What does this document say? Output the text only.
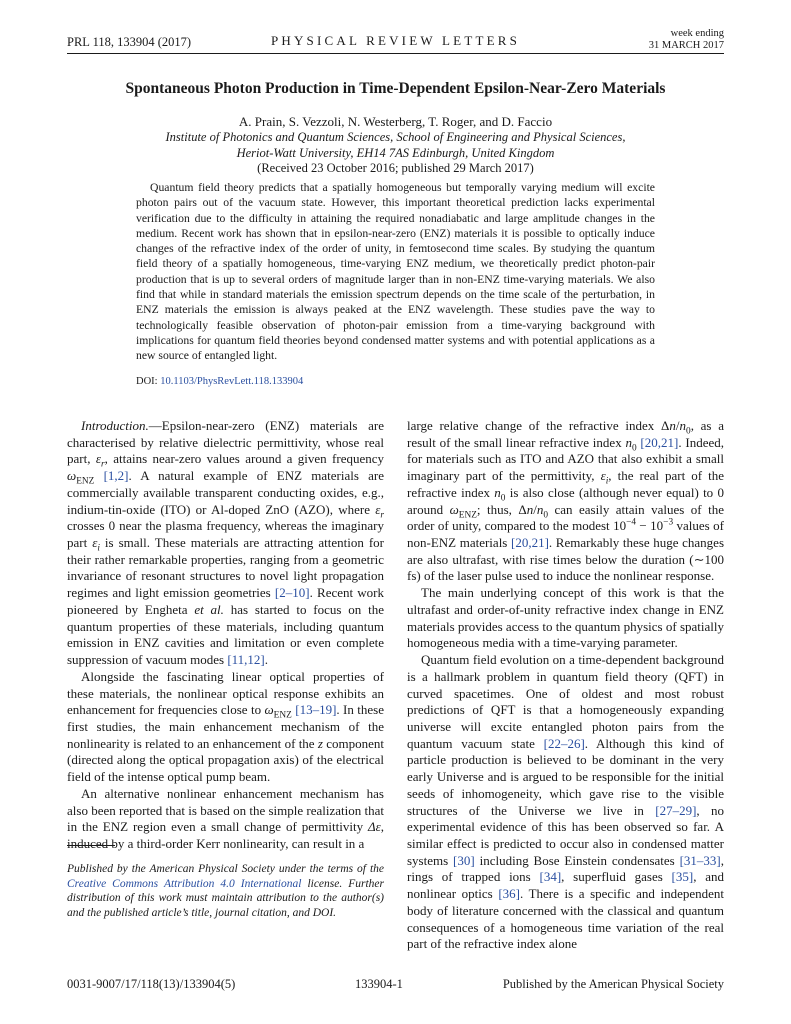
PRL 118, 133904 (2017)	PHYSICAL REVIEW LETTERS	week ending
31 MARCH 2017
Spontaneous Photon Production in Time-Dependent Epsilon-Near-Zero Materials
A. Prain, S. Vezzoli, N. Westerberg, T. Roger, and D. Faccio
Institute of Photonics and Quantum Sciences, School of Engineering and Physical Sciences,
Heriot-Watt University, EH14 7AS Edinburgh, United Kingdom
(Received 23 October 2016; published 29 March 2017)

Quantum field theory predicts that a spatially homogeneous but temporally varying medium will excite photon pairs out of the vacuum state. However, this important theoretical prediction lacks experimental verification due to the difficulty in attaining the required nonadiabatic and large amplitude changes in the medium. Recent work has shown that in epsilon-near-zero (ENZ) materials it is possible to optically induce changes of the refractive index of the order of unity, in femtosecond time scales. By studying the quantum field theory of a spatially homogeneous, time-varying ENZ medium, we theoretically predict photon-pair production that is up to several orders of magnitude larger than in non-ENZ time-varying materials. We also find that while in standard materials the emission spectrum depends on the time scale of the perturbation, in ENZ materials the emission is always peaked at the ENZ wavelength. These studies pave the way to technologically feasible observation of photon-pair emission from a time-varying background with implications for quantum field theories beyond condensed matter systems and with potential applications as a new source of entangled light.

DOI: 10.1103/PhysRevLett.118.133904

Introduction.—Epsilon-near-zero (ENZ) materials are characterised by relative dielectric permittivity, whose real part, $\varepsilon_r$, attains near-zero values around a given frequency $\omega_{ENZ}$ [1,2]. A natural example of ENZ materials are commercially available transparent conducting oxides, e.g., indium-tin-oxide (ITO) or Al-doped ZnO (AZO), where $\varepsilon_r$ crosses 0 near the plasma frequency, whereas the imaginary part $\varepsilon_i$ is small. These materials are attracting attention for their rather remarkable properties, ranging from a geometric invariance of resonant structures to novel light propagation regimes and light emission geometries [2–10]. Recent work pioneered by Engheta et al. has started to focus on the quantum properties of these materials, including quantum emission in ENZ cavities and limitation or even complete suppression of vacuum modes [11,12].

Alongside the fascinating linear optical properties of these materials, the nonlinear optical response exhibits an enhancement for frequencies close to $\omega_{ENZ}$ [13–19]. In these first studies, the main enhancement mechanism of the nonlinearity is related to an enhancement of the z component (directed along the optical propagation axis) of the electrical field of the intense optical pump beam.

An alternative nonlinear enhancement mechanism has also been reported that is based on the simple realization that in the ENZ region even a small change of permittivity Δε, induced by a third-order Kerr nonlinearity, can result in a

large relative change of the refractive index $\Delta n/n_0$, as a result of the small linear refractive index $n_0$ [20,21]. Indeed, for materials such as ITO and AZO that also exhibit a small imaginary part of the permittivity, $\varepsilon_i$, the real part of the refractive index $n_0$ is also close (although never equal) to 0 around $\omega_{ENZ}$; thus, $\Delta n/n_0$ can easily attain values of the order of unity, compared to the modest $10^{-4} - 10^{-3}$ values of non-ENZ materials [20,21]. Remarkably these huge changes are also ultrafast, with rise times below the duration (∼100 fs) of the laser pulse used to induce the nonlinear response.

The main underlying concept of this work is that the ultrafast and order-of-unity refractive index change in ENZ materials provides access to the quantum physics of spatially homogeneous media with a time-varying parameter.

Quantum field evolution on a time-dependent background is a hallmark problem in quantum field theory (QFT) in curved spacetimes. One of oldest and most robust predictions of QFT is that a homogeneously expanding universe will excite entangled photon pairs from the quantum vacuum state [22–26]. Although this kind of particle production is believed to be dominant in the very early Universe and is argued to be responsible for the initial seeds of inhomogeneity, which gave rise to the visible structures of the Universe we live in [27–29], no experimental evidence of this has been observed so far. A similar effect is predicted to occur also in condensed matter systems [30] including Bose Einstein condensates [31–33], rings of trapped ions [34], superfluid gases [35], and nonlinear optics [36]. There is a specific and independent body of literature concerned with the classical and quantum consequences of a homogeneous time variation of the real part of the refractive index alone

Published by the American Physical Society under the terms of the Creative Commons Attribution 4.0 International license. Further distribution of this work must maintain attribution to the author(s) and the published article’s title, journal citation, and DOI.
0031-9007/17/118(13)/133904(5)	133904-1	Published by the American Physical Society
